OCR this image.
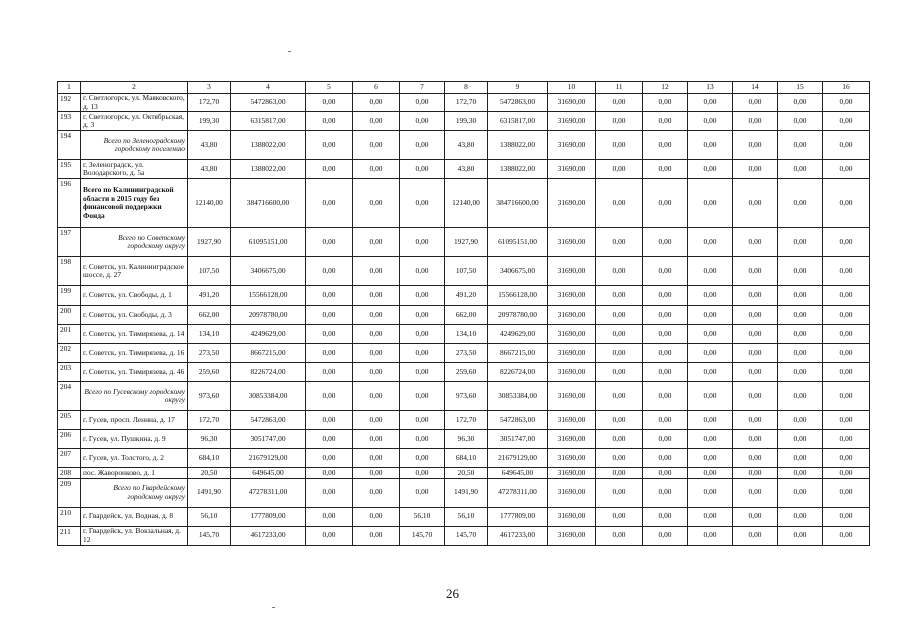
1	2	3	4	5	6	7	8	9	10	11	12	13	14	15	16
192	г. Светлогорск, ул. Маяковского, д. 13	172,70	5472863,00	0,00	0,00	0,00	172,70	5472863,00	31690,00	0,00	0,00	0,00	0,00	0,00	0,00
193	г. Светлогорск, ул. Октябрьская, д. 3	199,30	6315817,00	0,00	0,00	0,00	199,30	6315817,00	31690,00	0,00	0,00	0,00	0,00	0,00	0,00
194	Всего по Зеленоградскому городскому поселению	43,80	1388022,00	0,00	0,00	0,00	43,80	1388022,00	31690,00	0,00	0,00	0,00	0,00	0,00	0,00
195	г. Зеленоградск, ул. Володарского, д. 5а	43,80	1388022,00	0,00	0,00	0,00	43,80	1388022,00	31690,00	0,00	0,00	0,00	0,00	0,00	0,00
196	Всего по Калининградской области в 2015 году без финансовой поддержки Фонда	12140,00	384716600,00	0,00	0,00	0,00	12140,00	384716600,00	31690,00	0,00	0,00	0,00	0,00	0,00	0,00
197	Всего по Советскому городскому округу	1927,90	61095151,00	0,00	0,00	0,00	1927,90	61095151,00	31690,00	0,00	0,00	0,00	0,00	0,00	0,00
198	г. Советск, ул. Калининградское шоссе, д. 27	107,50	3406675,00	0,00	0,00	0,00	107,50	3406675,00	31690,00	0,00	0,00	0,00	0,00	0,00	0,00
199	г. Советск, ул. Свободы, д. 1	491,20	15566128,00	0,00	0,00	0,00	491,20	15566128,00	31690,00	0,00	0,00	0,00	0,00	0,00	0,00
200	г. Советск, ул. Свободы, д. 3	662,00	20978780,00	0,00	0,00	0,00	662,00	20978780,00	31690,00	0,00	0,00	0,00	0,00	0,00	0,00
201	г. Советск, ул. Тимирязева, д. 14	134,10	4249629,00	0,00	0,00	0,00	134,10	4249629,00	31690,00	0,00	0,00	0,00	0,00	0,00	0,00
202	г. Советск, ул. Тимирязева, д. 16	273,50	8667215,00	0,00	0,00	0,00	273,50	8667215,00	31690,00	0,00	0,00	0,00	0,00	0,00	0,00
203	г. Советск, ул. Тимирязева, д. 46	259,60	8226724,00	0,00	0,00	0,00	259,60	8226724,00	31690,00	0,00	0,00	0,00	0,00	0,00	0,00
204	Всего по Гусевскому городскому округу	973,60	30853384,00	0,00	0,00	0,00	973,60	30853384,00	31690,00	0,00	0,00	0,00	0,00	0,00	0,00
205	г. Гусев, просп. Ленина, д. 17	172,70	5472863,00	0,00	0,00	0,00	172,70	5472863,00	31690,00	0,00	0,00	0,00	0,00	0,00	0,00
206	г. Гусев, ул. Пушкина, д. 9	96,30	3051747,00	0,00	0,00	0,00	96,30	3051747,00	31690,00	0,00	0,00	0,00	0,00	0,00	0,00
207	г. Гусев, ул. Толстого, д. 2	684,10	21679129,00	0,00	0,00	0,00	684,10	21679129,00	31690,00	0,00	0,00	0,00	0,00	0,00	0,00
208	пос. Жаворонково, д. 1	20,50	649645,00	0,00	0,00	0,00	20,50	649645,00	31690,00	0,00	0,00	0,00	0,00	0,00	0,00
209	Всего по Гвардейскому городскому округу	1491,90	47278311,00	0,00	0,00	0,00	1491,90	47278311,00	31690,00	0,00	0,00	0,00	0,00	0,00	0,00
210	г. Гвардейск, ул. Водная, д. 8	56,10	1777809,00	0,00	0,00	56,10	56,10	1777809,00	31690,00	0,00	0,00	0,00	0,00	0,00	0,00
211	г. Гвардейск, ул. Вокзальная, д. 12	145,70	4617233,00	0,00	0,00	145,70	145,70	4617233,00	31690,00	0,00	0,00	0,00	0,00	0,00	0,00
26
